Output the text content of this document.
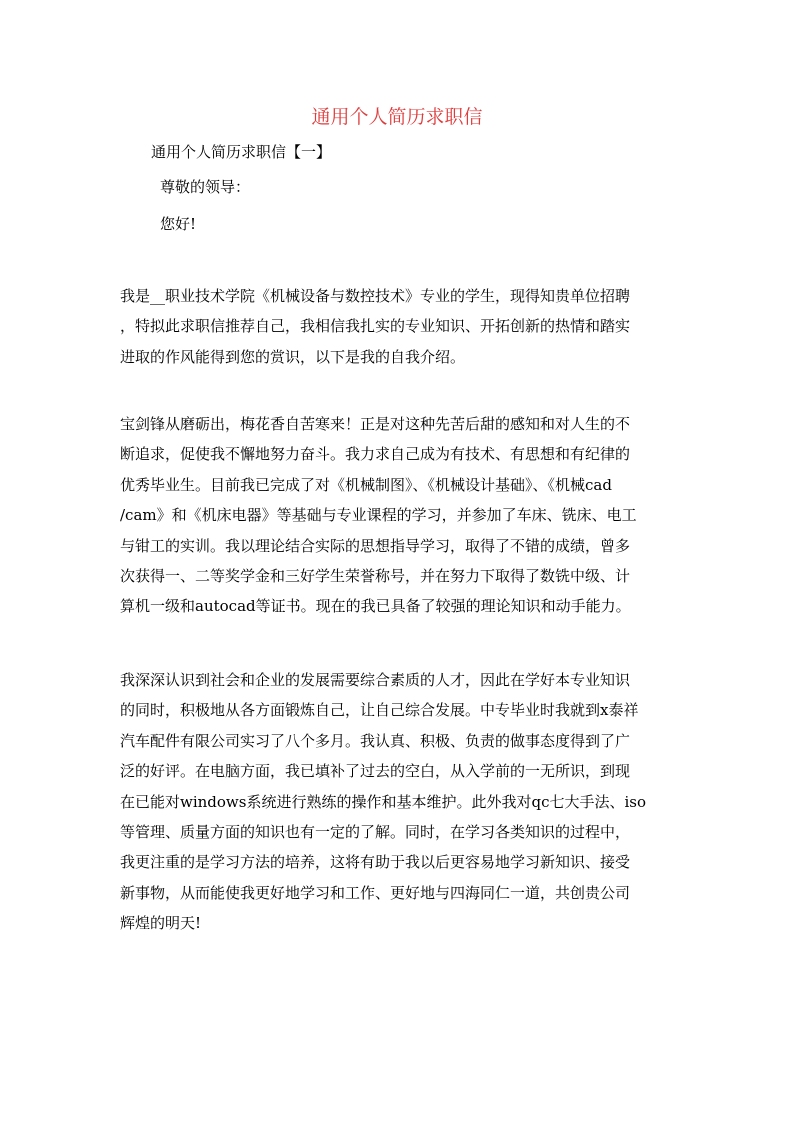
通用个人简历求职信
通用个人简历求职信【一】
尊敬的领导：
您好!

我是__职业技术学院《机械设备与数控技术》专业的学生，现得知贵单位招聘
，特拟此求职信推荐自己，我相信我扎实的专业知识、开拓创新的热情和踏实
进取的作风能得到您的赏识，以下是我的自我介绍。

宝剑锋从磨砺出，梅花香自苦寒来！正是对这种先苦后甜的感知和对人生的不
断追求，促使我不懈地努力奋斗。我力求自己成为有技术、有思想和有纪律的
优秀毕业生。目前我已完成了对《机械制图》、《机械设计基础》、《机械cad
/cam》和《机床电器》等基础与专业课程的学习，并参加了车床、铣床、电工
与钳工的实训。我以理论结合实际的思想指导学习，取得了不错的成绩，曾多
次获得一、二等奖学金和三好学生荣誉称号，并在努力下取得了数铣中级、计
算机一级和autocad等证书。现在的我已具备了较强的理论知识和动手能力。

我深深认识到社会和企业的发展需要综合素质的人才，因此在学好本专业知识
的同时，积极地从各方面锻炼自己，让自己综合发展。中专毕业时我就到x泰祥
汽车配件有限公司实习了八个多月。我认真、积极、负责的做事态度得到了广
泛的好评。在电脑方面，我已填补了过去的空白，从入学前的一无所识，到现
在已能对windows系统进行熟练的操作和基本维护。此外我对qc七大手法、iso
等管理、质量方面的知识也有一定的了解。同时，在学习各类知识的过程中，
我更注重的是学习方法的培养，这将有助于我以后更容易地学习新知识、接受
新事物，从而能使我更好地学习和工作、更好地与四海同仁一道，共创贵公司
辉煌的明天!
